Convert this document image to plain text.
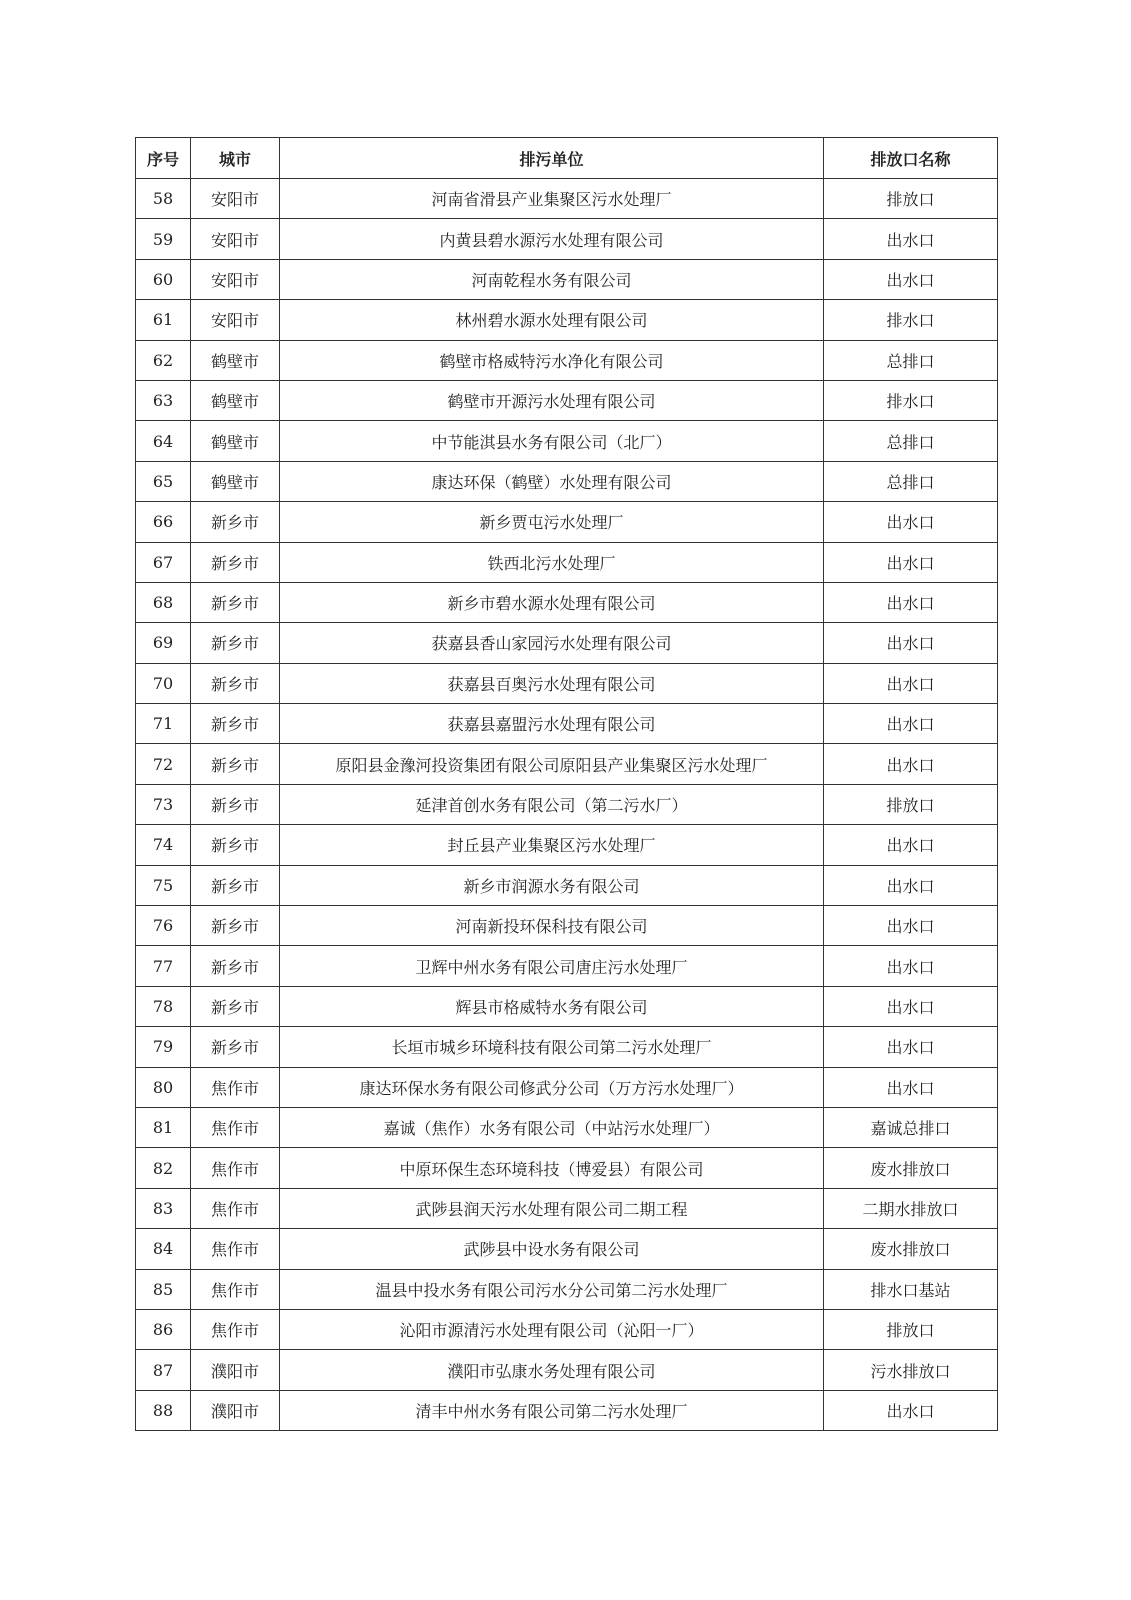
序号	城市	排污单位	排放口名称
58	安阳市	河南省滑县产业集聚区污水处理厂	排放口
59	安阳市	内黄县碧水源污水处理有限公司	出水口
60	安阳市	河南乾程水务有限公司	出水口
61	安阳市	林州碧水源水处理有限公司	排水口
62	鹤壁市	鹤壁市格威特污水净化有限公司	总排口
63	鹤壁市	鹤壁市开源污水处理有限公司	排水口
64	鹤壁市	中节能淇县水务有限公司（北厂）	总排口
65	鹤壁市	康达环保（鹤壁）水处理有限公司	总排口
66	新乡市	新乡贾屯污水处理厂	出水口
67	新乡市	铁西北污水处理厂	出水口
68	新乡市	新乡市碧水源水处理有限公司	出水口
69	新乡市	获嘉县香山家园污水处理有限公司	出水口
70	新乡市	获嘉县百奥污水处理有限公司	出水口
71	新乡市	获嘉县嘉盟污水处理有限公司	出水口
72	新乡市	原阳县金豫河投资集团有限公司原阳县产业集聚区污水处理厂	出水口
73	新乡市	延津首创水务有限公司（第二污水厂）	排放口
74	新乡市	封丘县产业集聚区污水处理厂	出水口
75	新乡市	新乡市润源水务有限公司	出水口
76	新乡市	河南新投环保科技有限公司	出水口
77	新乡市	卫辉中州水务有限公司唐庄污水处理厂	出水口
78	新乡市	辉县市格威特水务有限公司	出水口
79	新乡市	长垣市城乡环境科技有限公司第二污水处理厂	出水口
80	焦作市	康达环保水务有限公司修武分公司（万方污水处理厂）	出水口
81	焦作市	嘉诚（焦作）水务有限公司（中站污水处理厂）	嘉诚总排口
82	焦作市	中原环保生态环境科技（博爱县）有限公司	废水排放口
83	焦作市	武陟县润天污水处理有限公司二期工程	二期水排放口
84	焦作市	武陟县中设水务有限公司	废水排放口
85	焦作市	温县中投水务有限公司污水分公司第二污水处理厂	排水口基站
86	焦作市	沁阳市源清污水处理有限公司（沁阳一厂）	排放口
87	濮阳市	濮阳市弘康水务处理有限公司	污水排放口
88	濮阳市	清丰中州水务有限公司第二污水处理厂	出水口
